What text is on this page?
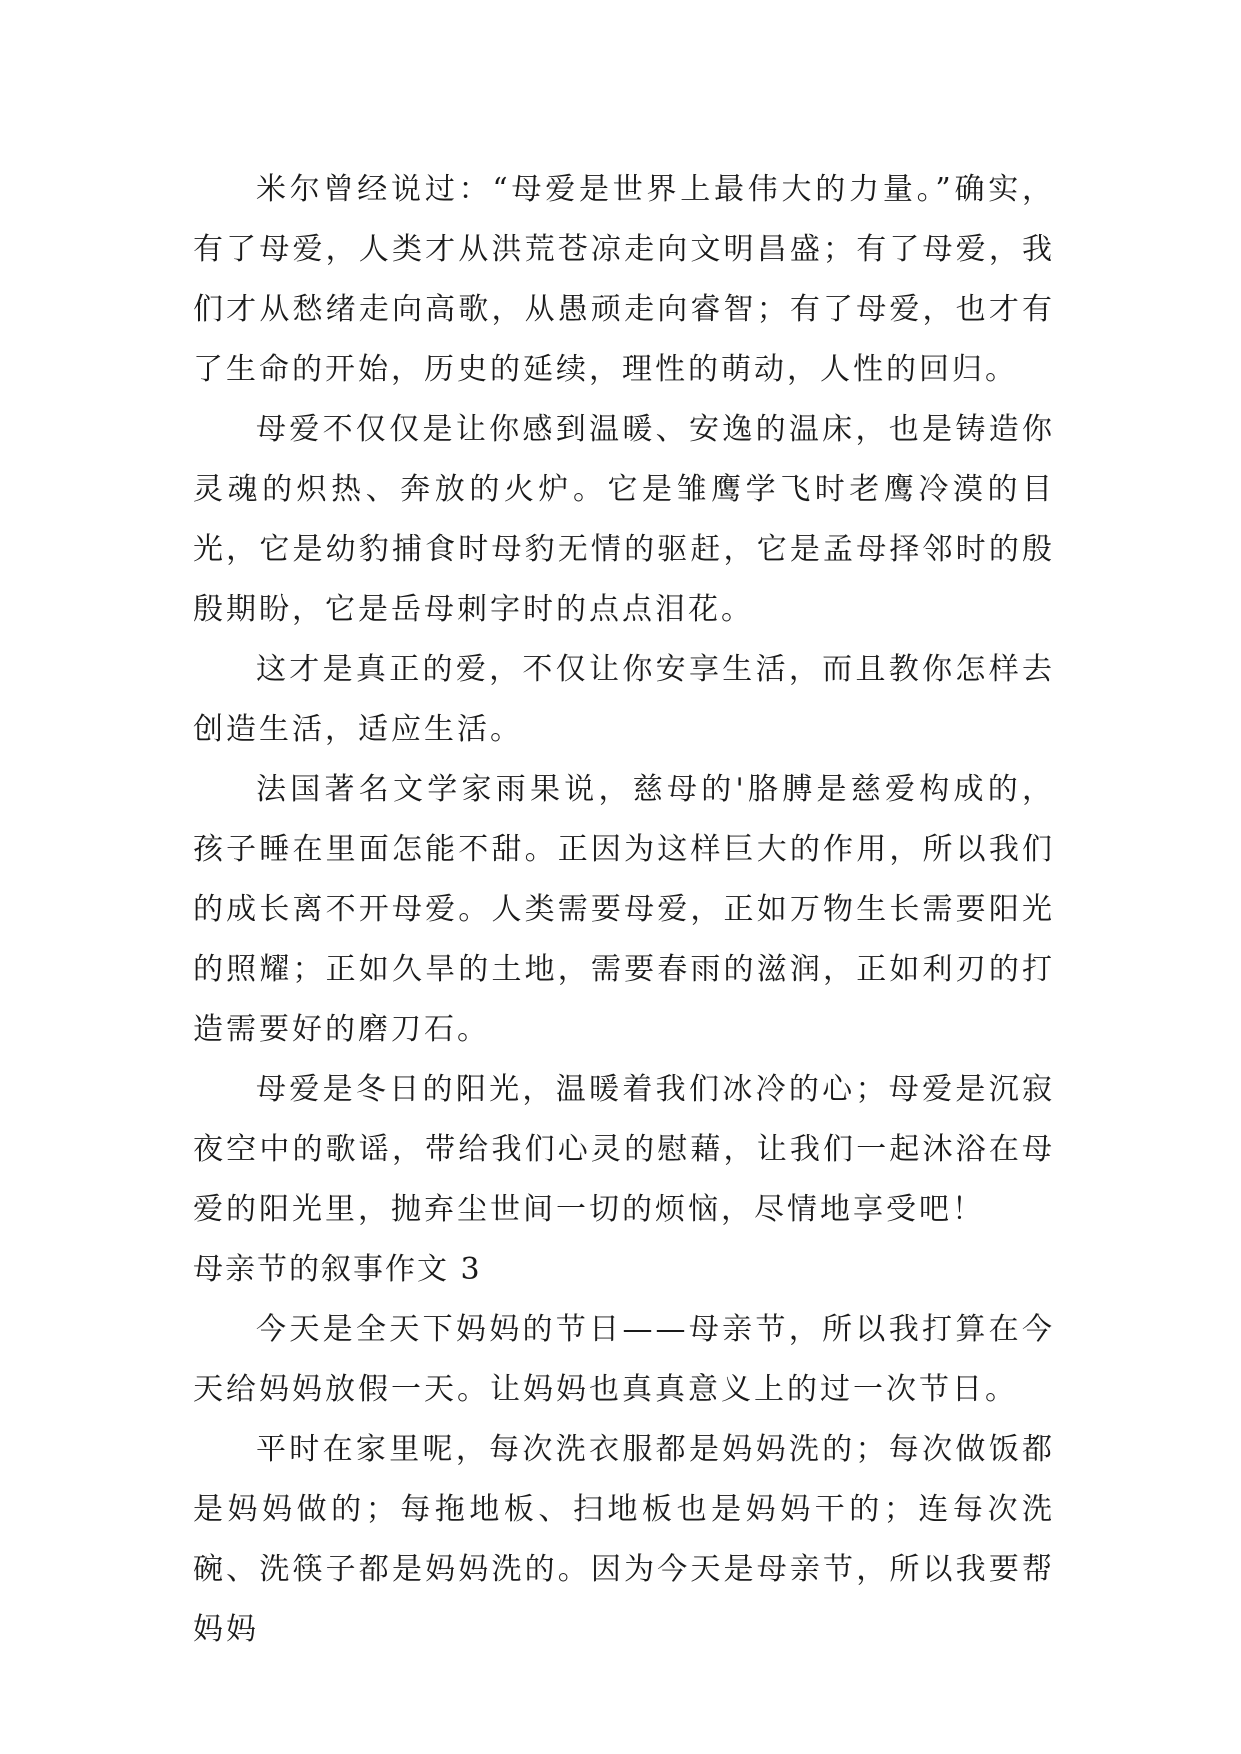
米尔曾经说过：“母爱是世界上最伟大的力量。”确实，有了母爱，人类才从洪荒苍凉走向文明昌盛；有了母爱，我们才从愁绪走向高歌，从愚顽走向睿智；有了母爱，也才有了生命的开始，历史的延续，理性的萌动，人性的回归。

母爱不仅仅是让你感到温暖、安逸的温床，也是铸造你灵魂的炽热、奔放的火炉。它是雏鹰学飞时老鹰冷漠的目光，它是幼豹捕食时母豹无情的驱赶，它是孟母择邻时的殷殷期盼，它是岳母刺字时的点点泪花。

这才是真正的爱，不仅让你安享生活，而且教你怎样去创造生活，适应生活。

法国著名文学家雨果说，慈母的'胳膊是慈爱构成的，孩子睡在里面怎能不甜。正因为这样巨大的作用，所以我们的成长离不开母爱。人类需要母爱，正如万物生长需要阳光的照耀；正如久旱的土地，需要春雨的滋润，正如利刃的打造需要好的磨刀石。

母爱是冬日的阳光，温暖着我们冰冷的心；母爱是沉寂夜空中的歌谣，带给我们心灵的慰藉，让我们一起沐浴在母爱的阳光里，抛弃尘世间一切的烦恼，尽情地享受吧！

母亲节的叙事作文 3

今天是全天下妈妈的节日——母亲节，所以我打算在今天给妈妈放假一天。让妈妈也真真意义上的过一次节日。

平时在家里呢，每次洗衣服都是妈妈洗的；每次做饭都是妈妈做的；每拖地板、扫地板也是妈妈干的；连每次洗碗、洗筷子都是妈妈洗的。因为今天是母亲节，所以我要帮妈妈
